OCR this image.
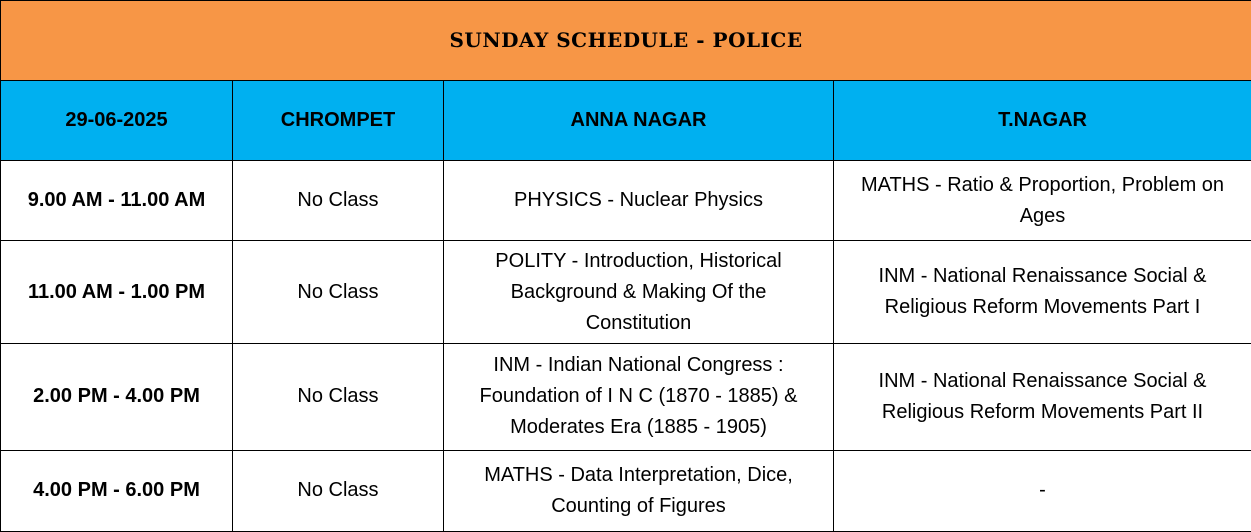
SUNDAY SCHEDULE - POLICE			
29-06-2025	CHROMPET	ANNA NAGAR	T.NAGAR
9.00 AM - 11.00 AM	No Class	PHYSICS - Nuclear Physics	MATHS - Ratio & Proportion, Problem on Ages
11.00 AM - 1.00 PM	No Class	POLITY - Introduction, Historical Background & Making Of the Constitution	INM - National Renaissance Social & Religious Reform Movements Part I
2.00 PM - 4.00 PM	No Class	INM - Indian National Congress : Foundation of I N C (1870 - 1885) & Moderates Era (1885 - 1905)	INM - National Renaissance Social & Religious Reform Movements Part II
4.00 PM - 6.00 PM	No Class	MATHS - Data Interpretation, Dice, Counting of Figures	-
